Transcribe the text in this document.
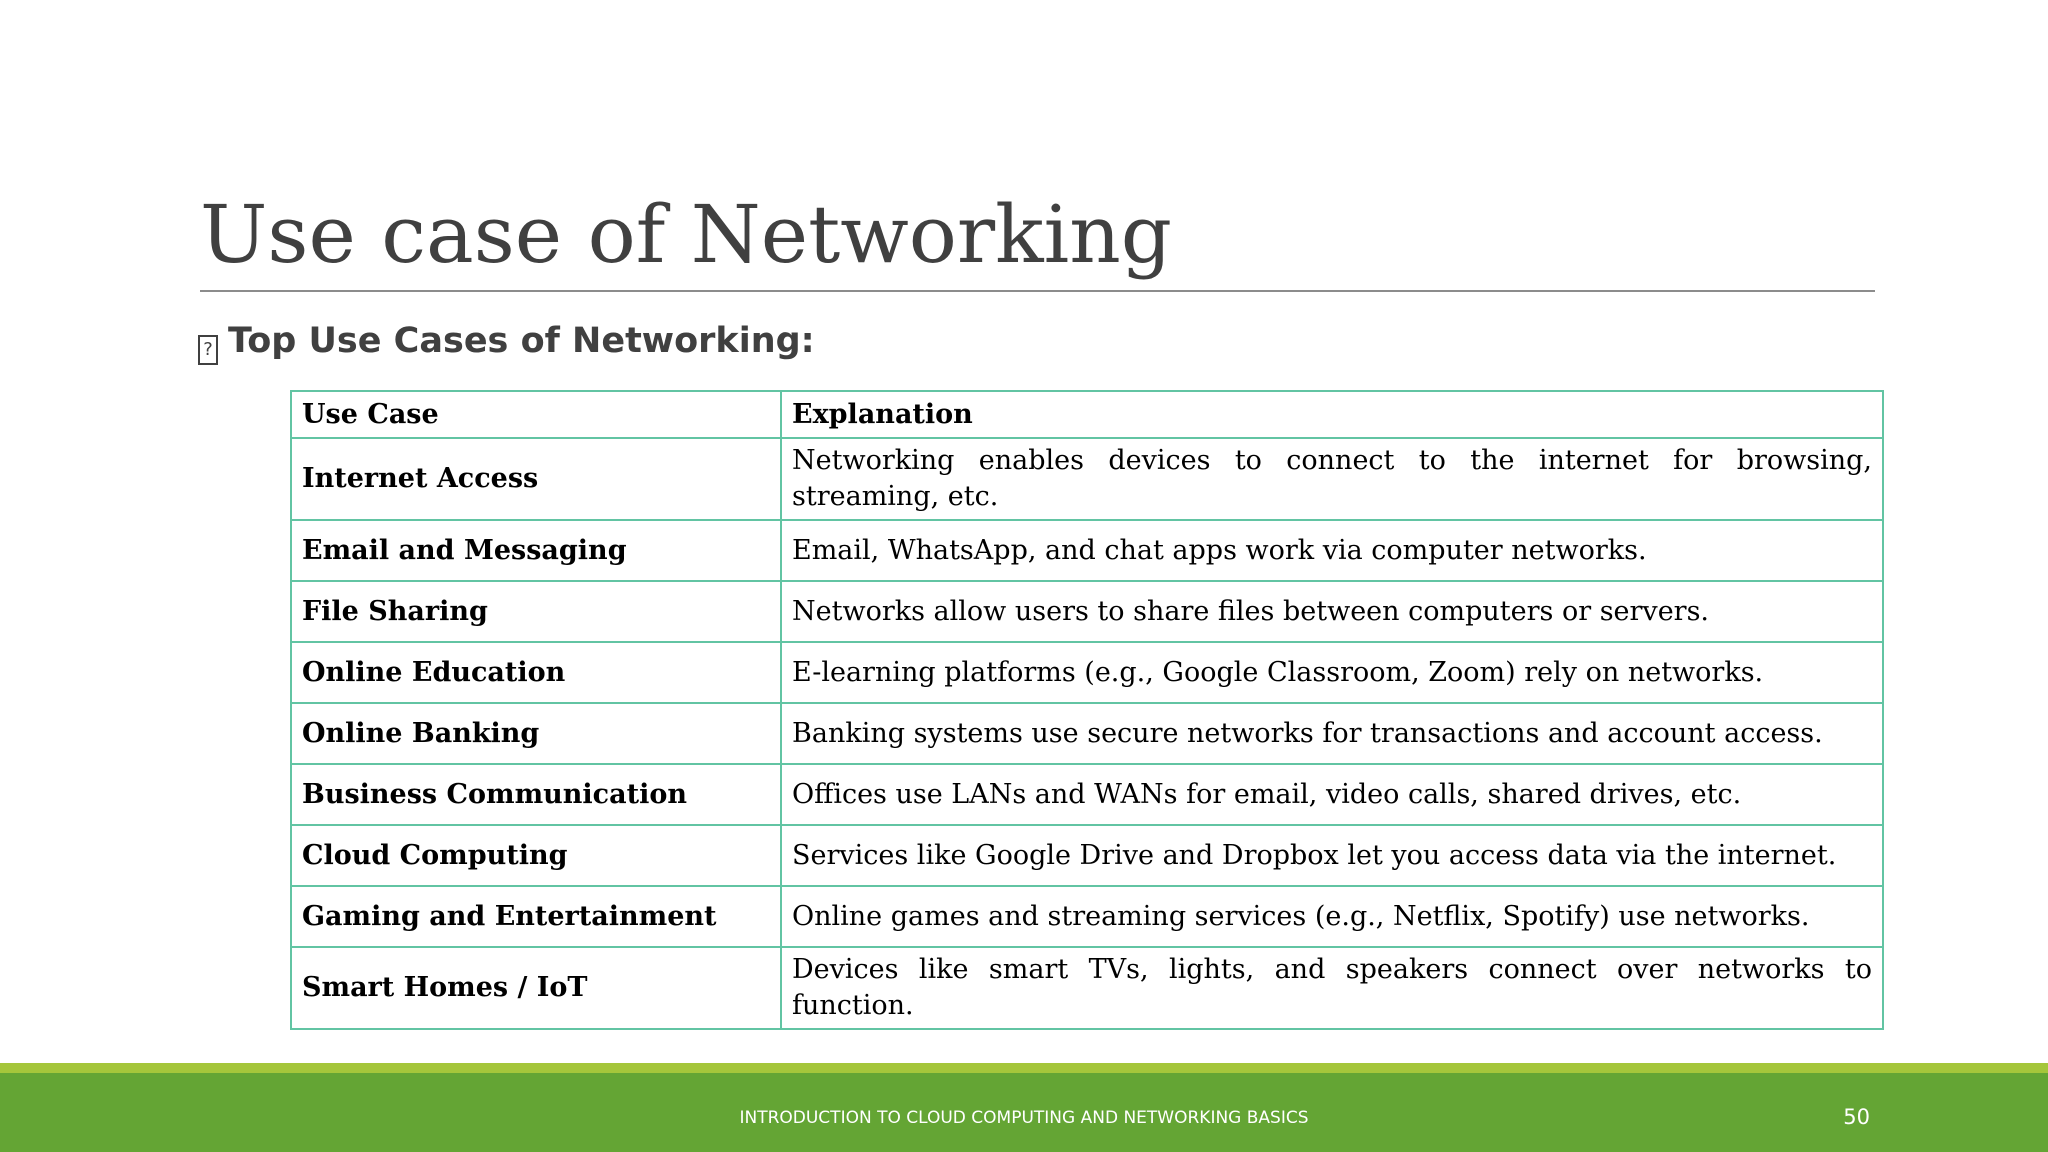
Use case of Networking
? Top Use Cases of Networking:
Use Case	Explanation
Internet Access	Networking enables devices to connect to the internet for browsing, streaming, etc.
Email and Messaging	Email, WhatsApp, and chat apps work via computer networks.
File Sharing	Networks allow users to share files between computers or servers.
Online Education	E-learning platforms (e.g., Google Classroom, Zoom) rely on networks.
Online Banking	Banking systems use secure networks for transactions and account access.
Business Communication	Offices use LANs and WANs for email, video calls, shared drives, etc.
Cloud Computing	Services like Google Drive and Dropbox let you access data via the internet.
Gaming and Entertainment	Online games and streaming services (e.g., Netflix, Spotify) use networks.
Smart Homes / IoT	Devices like smart TVs, lights, and speakers connect over networks to function.
INTRODUCTION TO CLOUD COMPUTING AND NETWORKING BASICS	50
